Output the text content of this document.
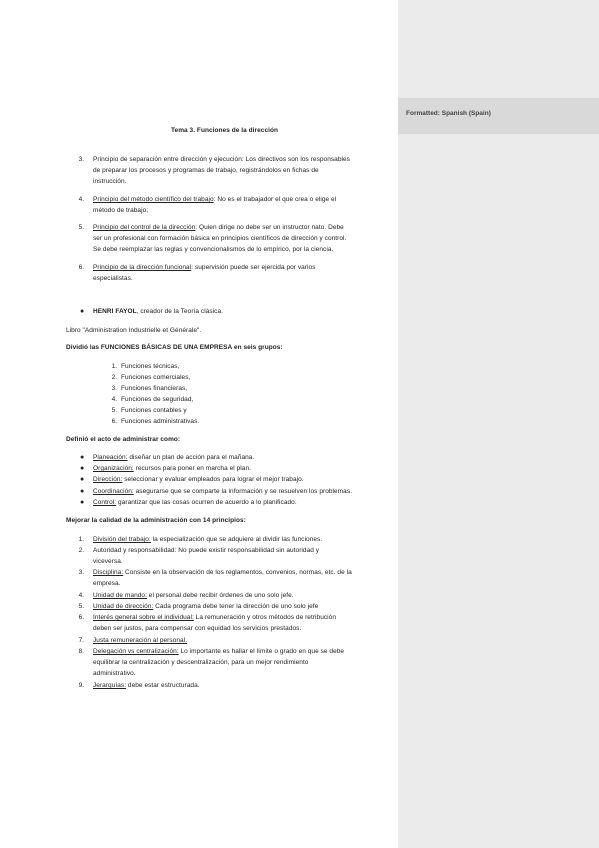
Tema 3. Funciones de la dirección
3. Principio de separación entre dirección y ejecución: Los directivos son los responsables
de preparar los procesos y programas de trabajo, registrándolos en fichas de
instrucción.
4. Principio del método científico del trabajo: No es el trabajador el que crea o elige el
método de trabajo;
5. Principio del control de la dirección: Quien dirige no debe ser un instructor nato. Debe
ser un profesional con formación básica en principios científicos de dirección y control.
Se debe reemplazar las reglas y convencionalismos de lo empírico, por la ciencia.
6. Principio de la dirección funcional: supervisión puede ser ejercida por varios
especialistas.
● HENRI FAYOL, creador de la Teoría clásica.
Libro "Administration Industrielle et Générale".
Dividió las FUNCIONES BÁSICAS DE UNA EMPRESA en seis grupos:
1. Funciones técnicas,
2. Funciones comerciales,
3. Funciones financieras,
4. Funciones de seguridad,
5. Funciones contables y
6. Funciones administrativas.
Definió el acto de administrar como:
● Planeación: diseñar un plan de acción para el mañana.
● Organización: recursos para poner en marcha el plan.
● Dirección: seleccionar y evaluar empleados para lograr el mejor trabajo.
● Coordinación: asegurarse que se comparte la información y se resuelven los problemas.
● Control: garantizar que las cosas ocurren de acuerdo a lo planificado.
Mejorar la calidad de la administración con 14 principios:
1. División del trabajo: la especialización que se adquiere al dividir las funciones.
2. Autoridad y responsabilidad: No puede existir responsabilidad sin autoridad y
viceversa.
3. Disciplina: Consiste en la observación de los reglamentos, convenios, normas, etc. de la
empresa.
4. Unidad de mando: el personal debe recibir órdenes de uno solo jefe.
5. Unidad de dirección: Cada programa debe tener la dirección de uno solo jefe
6. Interés general sobre el individual: La remuneración y otros métodos de retribución
deben ser justos, para compensar con equidad los servicios prestados.
7. Justa remuneración al personal.
8. Delegación vs centralización: Lo importante es hallar el límite o grado en que se debe
equilibrar la centralización y descentralización, para un mejor rendimiento
administrativo.
9. Jerarquías: debe estar estructurada.
Formatted: Spanish (Spain)
